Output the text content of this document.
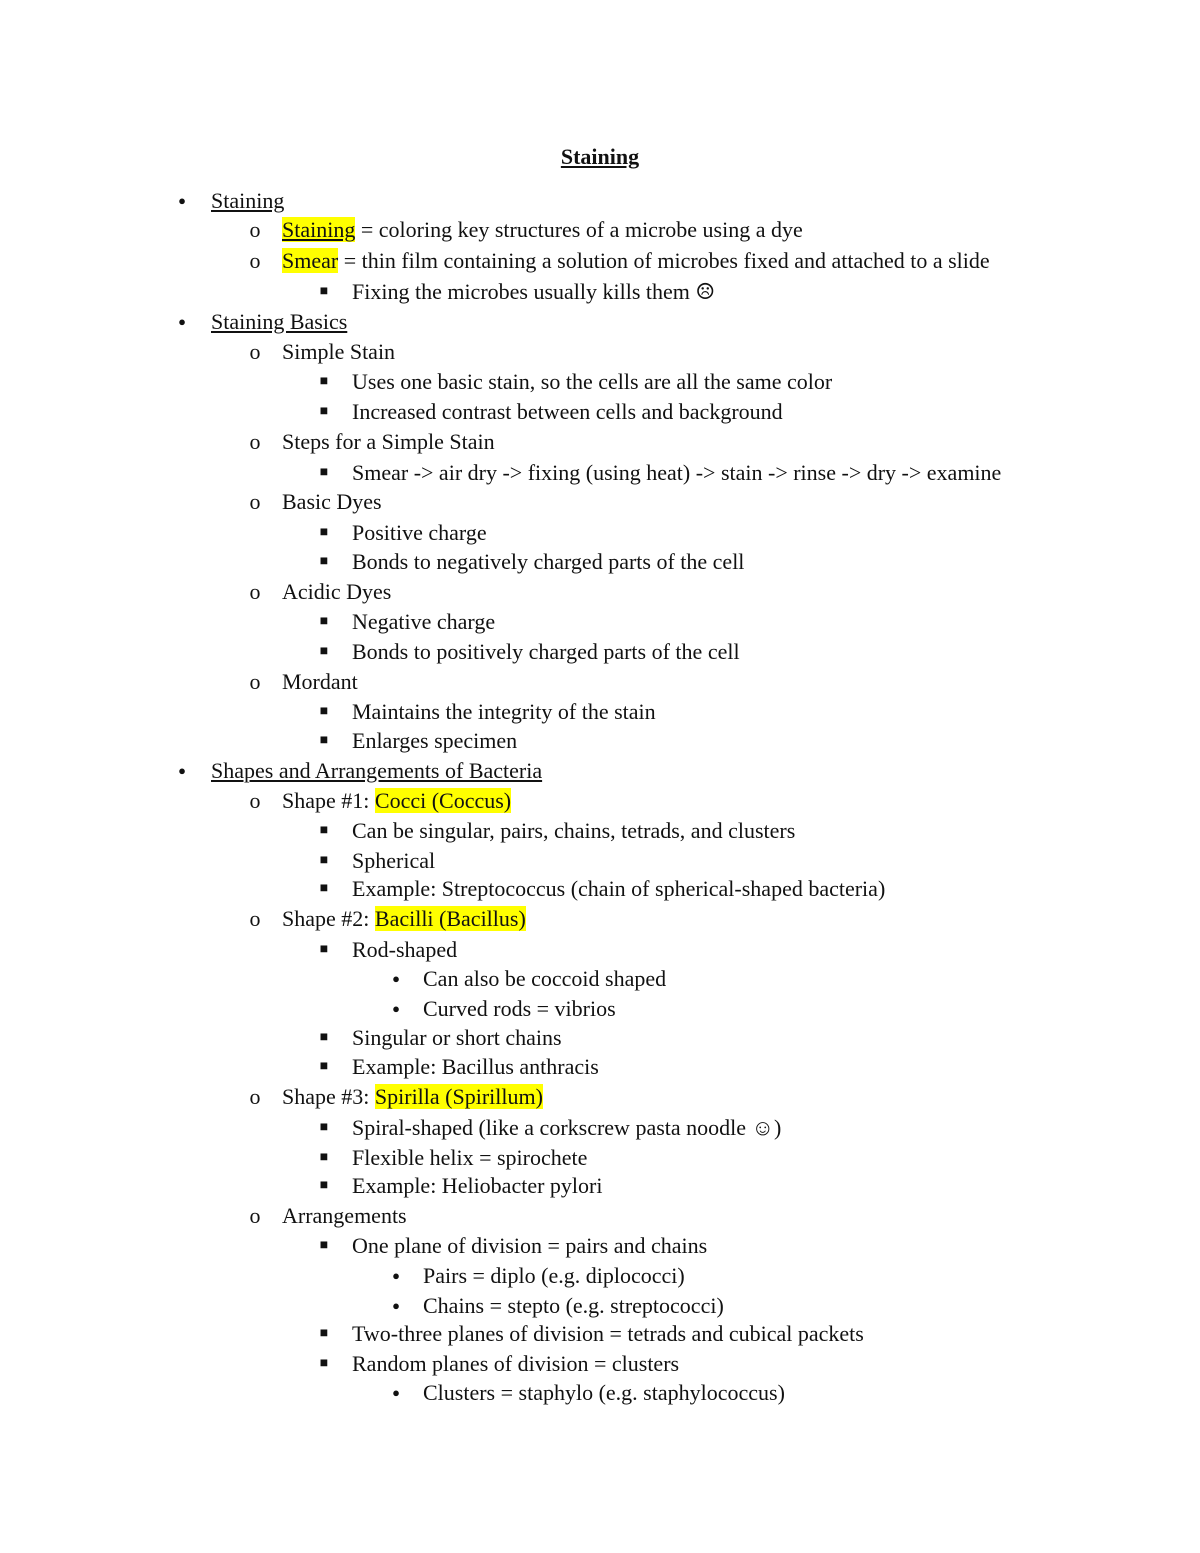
Staining
●	Staining
o Staining = coloring key structures of a microbe using a dye
o Smear = thin film containing a solution of microbes fixed and attached to a slide
■	Fixing the microbes usually kills them ☹
●	Staining Basics
o Simple Stain
■	Uses one basic stain, so the cells are all the same color
■	Increased contrast between cells and background
o Steps for a Simple Stain
■	Smear -> air dry -> fixing (using heat) -> stain -> rinse -> dry -> examine
o Basic Dyes
■	Positive charge
■	Bonds to negatively charged parts of the cell
o Acidic Dyes
■	Negative charge
■	Bonds to positively charged parts of the cell
o Mordant
■	Maintains the integrity of the stain
■	Enlarges specimen
●	Shapes and Arrangements of Bacteria
o Shape #1: Cocci (Coccus)
■	Can be singular, pairs, chains, tetrads, and clusters
■	Spherical
■	Example: Streptococcus (chain of spherical-shaped bacteria)
o Shape #2: Bacilli (Bacillus)
■	Rod-shaped
●	Can also be coccoid shaped
●	Curved rods = vibrios
■	Singular or short chains
■	Example: Bacillus anthracis
o Shape #3: Spirilla (Spirillum)
■	Spiral-shaped (like a corkscrew pasta noodle ☺)
■	Flexible helix = spirochete
■	Example: Heliobacter pylori
o Arrangements
■	One plane of division = pairs and chains
●	Pairs = diplo (e.g. diplococci)
●	Chains = stepto (e.g. streptococci)
■	Two-three planes of division = tetrads and cubical packets
■	Random planes of division = clusters
●	Clusters = staphylo (e.g. staphylococcus)
